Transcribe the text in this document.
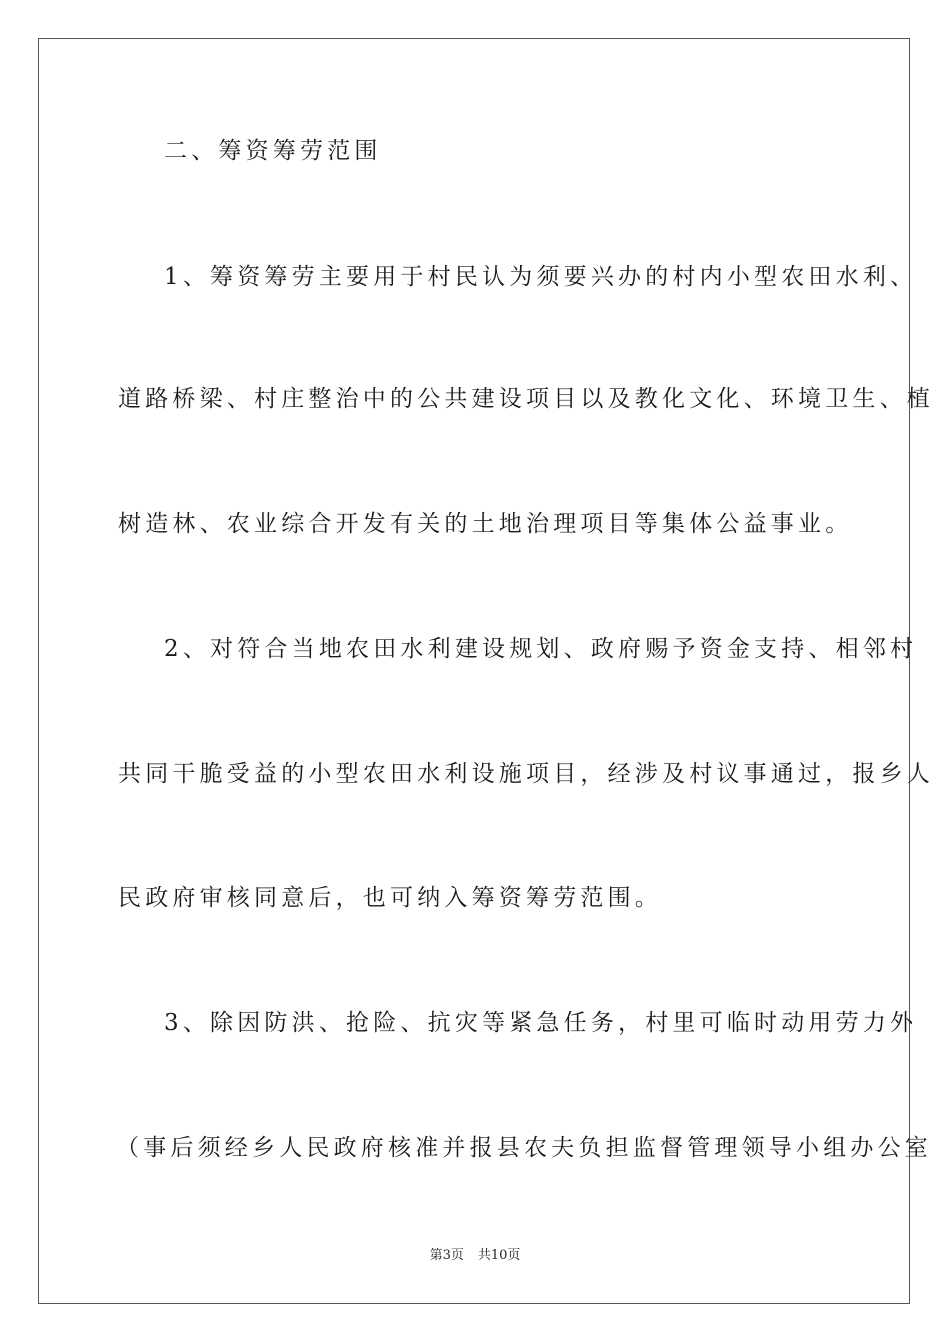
二、筹资筹劳范围
1、筹资筹劳主要用于村民认为须要兴办的村内小型农田水利、
道路桥梁、村庄整治中的公共建设项目以及教化文化、环境卫生、植
树造林、农业综合开发有关的土地治理项目等集体公益事业。
2、对符合当地农田水利建设规划、政府赐予资金支持、相邻村
共同干脆受益的小型农田水利设施项目，经涉及村议事通过，报乡人
民政府审核同意后，也可纳入筹资筹劳范围。
3、除因防洪、抢险、抗灾等紧急任务，村里可临时动用劳力外
（事后须经乡人民政府核准并报县农夫负担监督管理领导小组办公室
第3页 共10页
